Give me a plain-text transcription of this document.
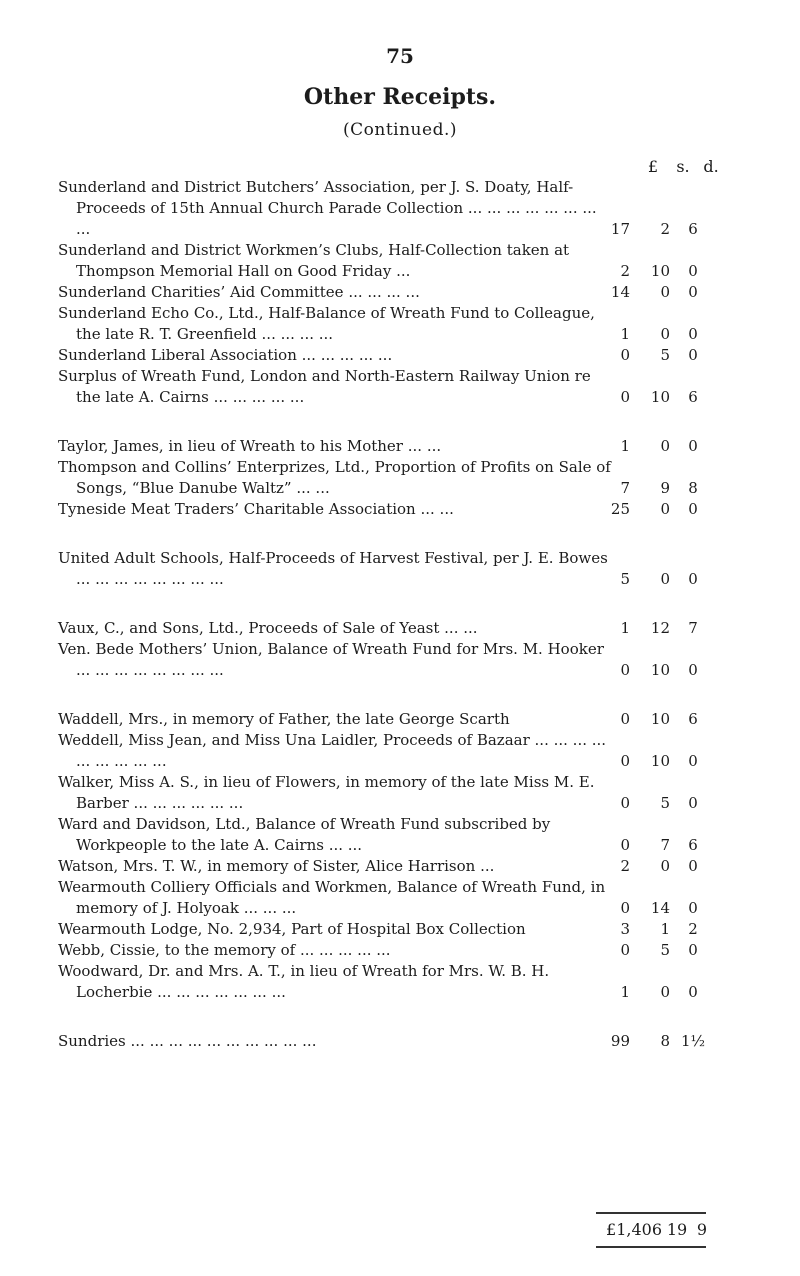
75
Other Receipts.
(Continued.)
£	s. d.
Sunderland and District Butchers’ Association, per J. S. Doaty, Half-Proceeds of 15th Annual Church Parade Collection ... ... ... ... ... ... ... ...	17	2	6
Sunderland and District Workmen’s Clubs, Half-Collection taken at Thompson Memorial Hall on Good Friday ...	2	10	0
Sunderland Charities’ Aid Committee ... ... ... ...	14	0	0
Sunderland Echo Co., Ltd., Half-Balance of Wreath Fund to Colleague, the late R. T. Greenfield ... ... ... ...	1	0	0
Sunderland Liberal Association ... ... ... ... ...	0	5	0
Surplus of Wreath Fund, London and North-Eastern Railway Union re the late A. Cairns ... ... ... ... ...	0	10	6
Taylor, James, in lieu of Wreath to his Mother ... ...	1	0	0
Thompson and Collins’ Enterprizes, Ltd., Proportion of Profits on Sale of Songs, “Blue Danube Waltz” ... ...	7	9	8
Tyneside Meat Traders’ Charitable Association ... ...	25	0	0
United Adult Schools, Half-Proceeds of Harvest Festival, per J. E. Bowes ... ... ... ... ... ... ... ...	5	0	0
Vaux, C., and Sons, Ltd., Proceeds of Sale of Yeast ... ...	1	12	7
Ven. Bede Mothers’ Union, Balance of Wreath Fund for Mrs. M. Hooker ... ... ... ... ... ... ... ...	0	10	0
Waddell, Mrs., in memory of Father, the late George Scarth	0	10	6
Weddell, Miss Jean, and Miss Una Laidler, Proceeds of Bazaar ... ... ... ... ... ... ... ... ...	0	10	0
Walker, Miss A. S., in lieu of Flowers, in memory of the late Miss M. E. Barber ... ... ... ... ... ...	0	5	0
Ward and Davidson, Ltd., Balance of Wreath Fund subscribed by Workpeople to the late A. Cairns ... ...	0	7	6
Watson, Mrs. T. W., in memory of Sister, Alice Harrison ...	2	0	0
Wearmouth Colliery Officials and Workmen, Balance of Wreath Fund, in memory of J. Holyoak ... ... ...	0	14	0
Wearmouth Lodge, No. 2,934, Part of Hospital Box Collection	3	1	2
Webb, Cissie, to the memory of ... ... ... ... ...	0	5	0
Woodward, Dr. and Mrs. A. T., in lieu of Wreath for Mrs. W. B. H. Locherbie ... ... ... ... ... ... ...	1	0	0
Sundries ... ... ... ... ... ... ... ... ... ...	99	8 1½
£1,406 19 9
